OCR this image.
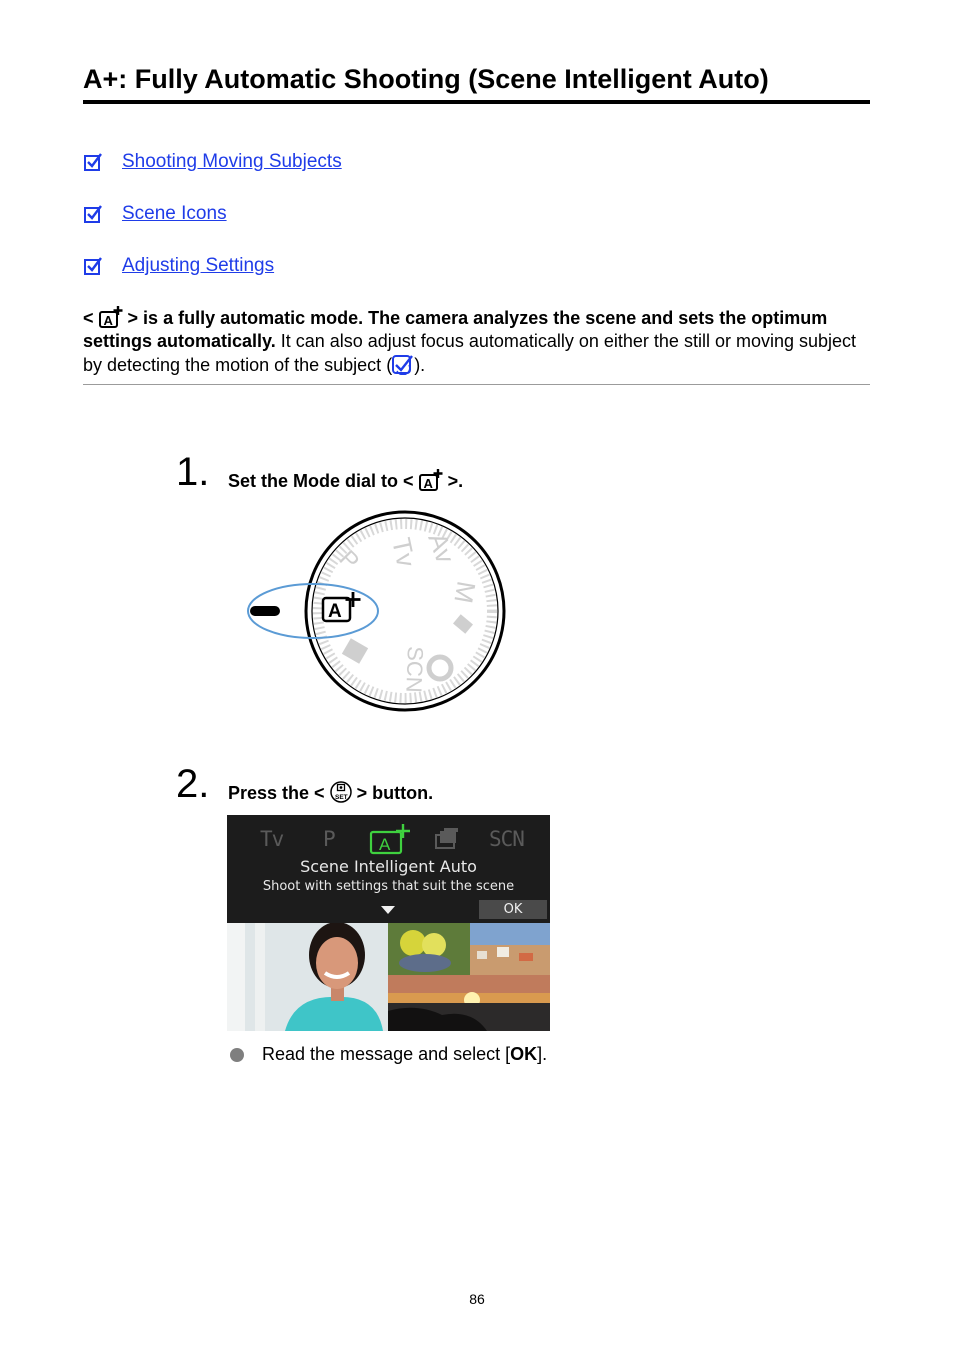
A+: Fully Automatic Shooting (Scene Intelligent Auto)
Shooting Moving Subjects
Scene Icons
Adjusting Settings
< A > is a fully automatic mode. The camera analyzes the scene and sets the optimum settings automatically. It can also adjust focus automatically on either the still or moving subject by detecting the motion of the subject ( ).
1. Set the Mode dial to < A >.
Tv Av
M
P
SCN
A
2. Press the < SET > button.
Tv P	A	SCN
Scene Intelligent Auto
Shoot with settings that suit the scene
OK
Read the message and select [OK].
86
